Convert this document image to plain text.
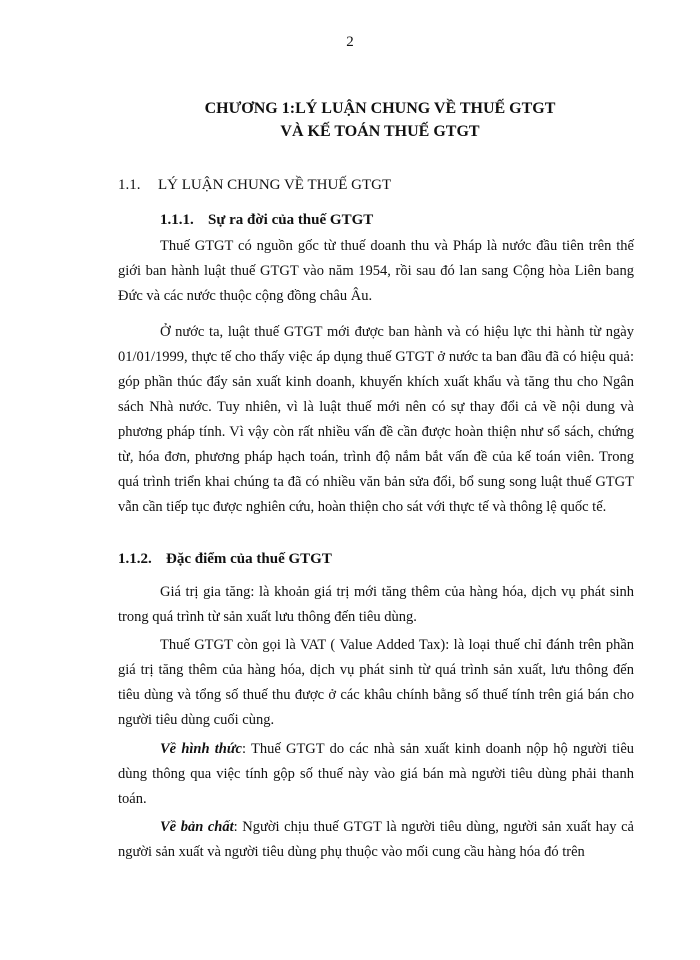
2
CHƯƠNG 1:LÝ LUẬN CHUNG VỀ THUẾ GTGT
VÀ KẾ TOÁN THUẾ GTGT
1.1. LÝ LUẬN CHUNG VỀ THUẾ GTGT
1.1.1. Sự ra đời của thuế GTGT

Thuế GTGT có nguồn gốc từ thuế doanh thu và Pháp là nước đầu tiên trên thế giới ban hành luật thuế GTGT vào năm 1954, rồi sau đó lan sang Cộng hòa Liên bang Đức và các nước thuộc cộng đồng châu Âu.

Ở nước ta, luật thuế GTGT mới được ban hành và có hiệu lực thi hành từ ngày 01/01/1999, thực tế cho thấy việc áp dụng thuế GTGT ở nước ta ban đầu đã có hiệu quả: góp phần thúc đẩy sản xuất kinh doanh, khuyến khích xuất khẩu và tăng thu cho Ngân sách Nhà nước. Tuy nhiên, vì là luật thuế mới nên có sự thay đổi cả về nội dung và phương pháp tính. Vì vậy còn rất nhiều vấn đề cần được hoàn thiện như sổ sách, chứng từ, hóa đơn, phương pháp hạch toán, trình độ nắm bắt vấn đề của kế toán viên. Trong quá trình triển khai chúng ta đã có nhiều văn bản sửa đổi, bổ sung song luật thuế GTGT vẫn cần tiếp tục được nghiên cứu, hoàn thiện cho sát với thực tế và thông lệ quốc tế.

1.1.2. Đặc điểm của thuế GTGT

Giá trị gia tăng: là khoản giá trị mới tăng thêm của hàng hóa, dịch vụ phát sinh trong quá trình từ sản xuất lưu thông đến tiêu dùng.

Thuế GTGT còn gọi là VAT ( Value Added Tax): là loại thuế chỉ đánh trên phần giá trị tăng thêm của hàng hóa, dịch vụ phát sinh từ quá trình sản xuất, lưu thông đến tiêu dùng và tổng số thuế thu được ở các khâu chính bằng số thuế tính trên giá bán cho người tiêu dùng cuối cùng.

Về hình thức: Thuế GTGT do các nhà sản xuất kinh doanh nộp hộ người tiêu dùng thông qua việc tính gộp số thuế này vào giá bán mà người tiêu dùng phải thanh toán.

Về bản chất: Người chịu thuế GTGT là người tiêu dùng, người sản xuất hay cả người sản xuất và người tiêu dùng phụ thuộc vào mối cung cầu hàng hóa đó trên
